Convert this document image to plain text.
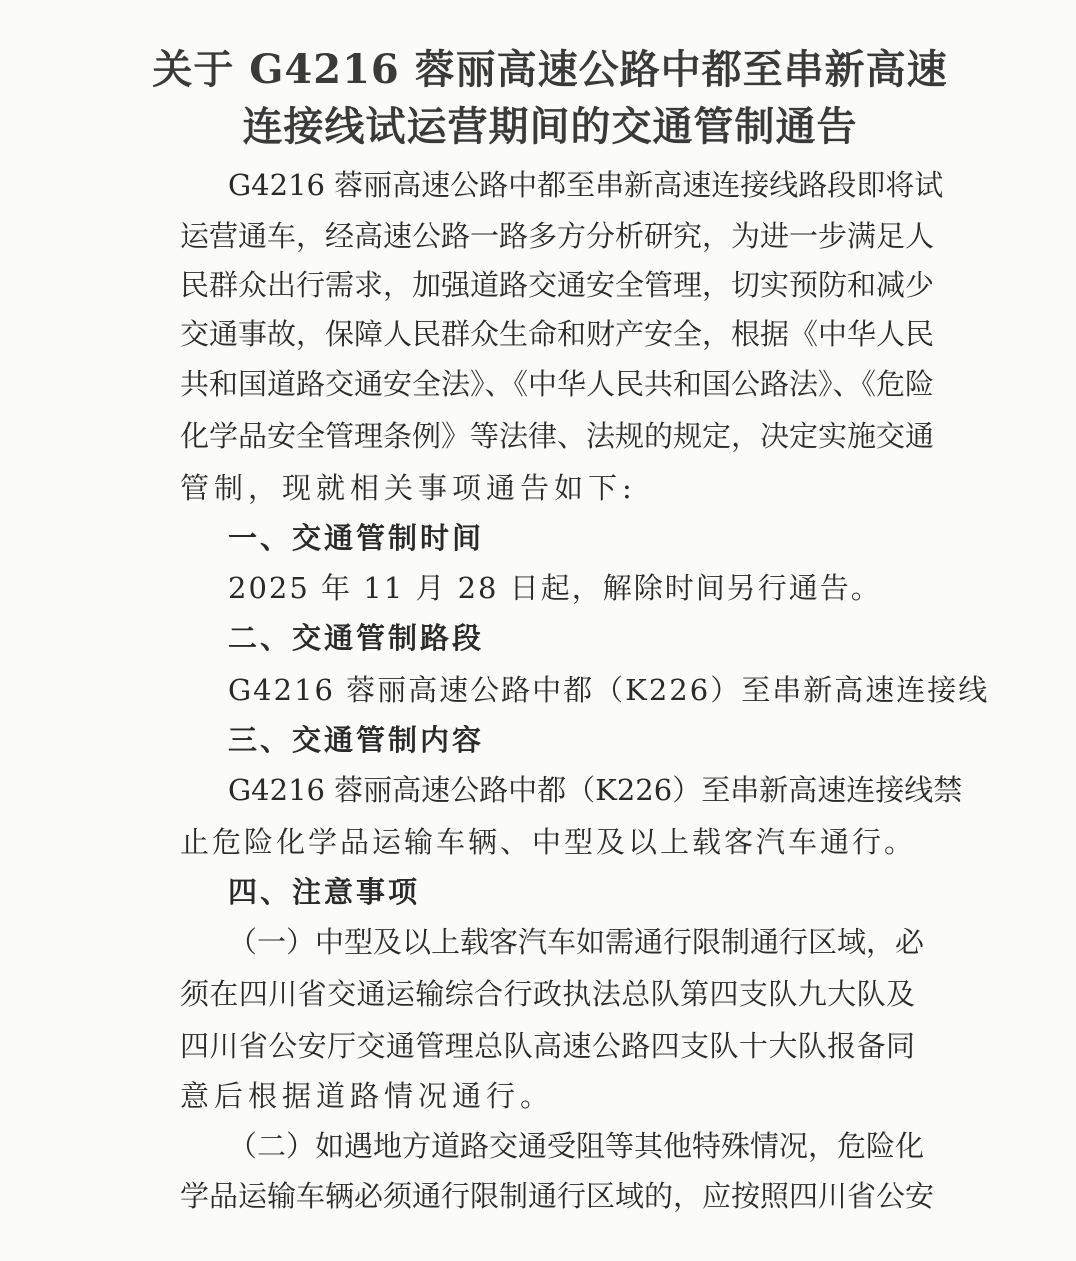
关于 G4216 蓉丽高速公路中都至串新高速
连接线试运营期间的交通管制通告
G4216 蓉丽高速公路中都至串新高速连接线路段即将试
运营通车，经高速公路一路多方分析研究，为进一步满足人
民群众出行需求，加强道路交通安全管理，切实预防和减少
交通事故，保障人民群众生命和财产安全，根据《中华人民
共和国道路交通安全法》、《中华人民共和国公路法》、《危险
化学品安全管理条例》等法律、法规的规定，决定实施交通
管制，现就相关事项通告如下:
一、交通管制时间
2025 年 11 月 28 日起，解除时间另行通告。
二、交通管制路段
G4216 蓉丽高速公路中都（K226）至串新高速连接线
三、交通管制内容
G4216 蓉丽高速公路中都（K226）至串新高速连接线禁
止危险化学品运输车辆、中型及以上载客汽车通行。
四、注意事项
（一）中型及以上载客汽车如需通行限制通行区域，必
须在四川省交通运输综合行政执法总队第四支队九大队及
四川省公安厅交通管理总队高速公路四支队十大队报备同
意后根据道路情况通行。
（二）如遇地方道路交通受阻等其他特殊情况，危险化
学品运输车辆必须通行限制通行区域的，应按照四川省公安
